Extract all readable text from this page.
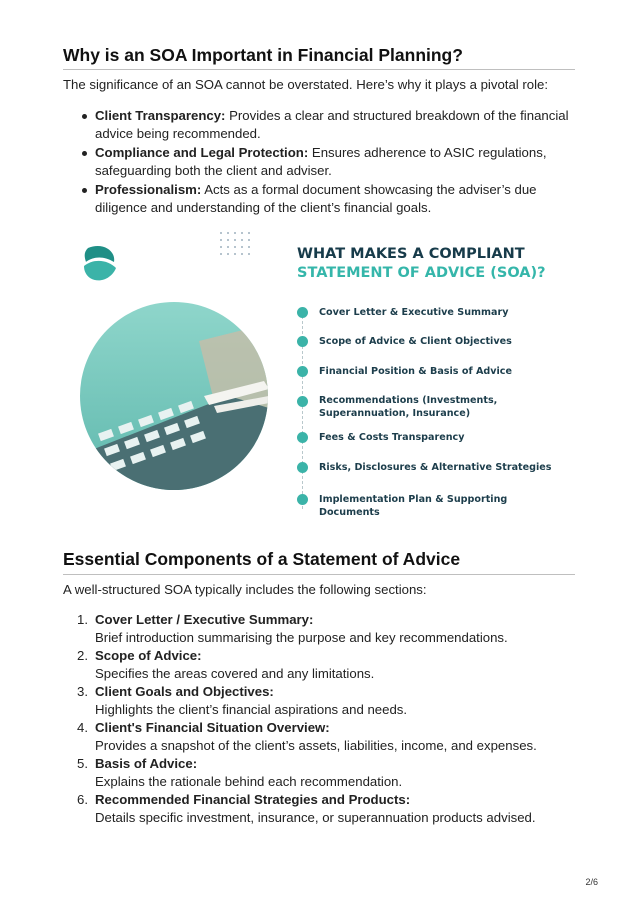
Why is an SOA Important in Financial Planning?

The significance of an SOA cannot be overstated. Here’s why it plays a pivotal role:

Client Transparency: Provides a clear and structured breakdown of the financial advice being recommended.
Compliance and Legal Protection: Ensures adherence to ASIC regulations, safeguarding both the client and adviser.
Professionalism: Acts as a formal document showcasing the adviser’s due diligence and understanding of the client’s financial goals.
WHAT MAKES A COMPLIANT
STATEMENT OF ADVICE (SOA)?
Cover Letter & Executive Summary
Scope of Advice & Client Objectives
Financial Position & Basis of Advice
Recommendations (Investments, Superannuation, Insurance)
Fees & Costs Transparency
Risks, Disclosures & Alternative Strategies
Implementation Plan & Supporting Documents
Essential Components of a Statement of Advice

A well-structured SOA typically includes the following sections:

1. Cover Letter / Executive Summary:
Brief introduction summarising the purpose and key recommendations.
2. Scope of Advice:
Specifies the areas covered and any limitations.
3. Client Goals and Objectives:
Highlights the client’s financial aspirations and needs.
4. Client's Financial Situation Overview:
Provides a snapshot of the client’s assets, liabilities, income, and expenses.
5. Basis of Advice:
Explains the rationale behind each recommendation.
6. Recommended Financial Strategies and Products:
Details specific investment, insurance, or superannuation products advised.
2/6
